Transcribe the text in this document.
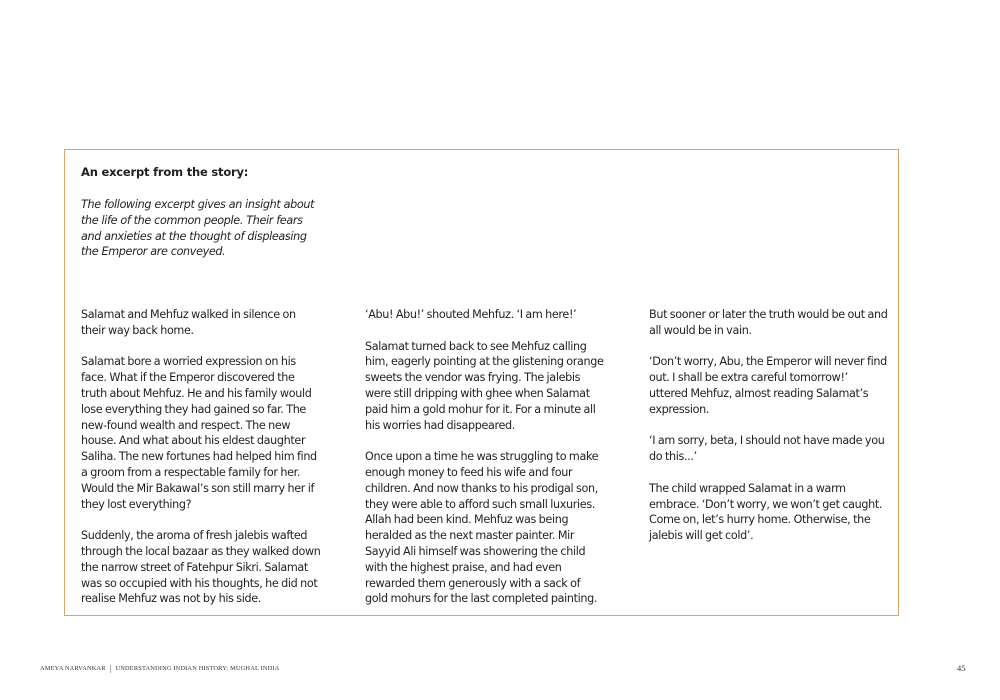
An excerpt from the story:

The following excerpt gives an insight about the life of the common people. Their fears and anxieties at the thought of displeasing the Emperor are conveyed.

Salamat and Mehfuz walked in silence on their way back home.

Salamat bore a worried expression on his face. What if the Emperor discovered the truth about Mehfuz. He and his family would lose everything they had gained so far. The new-found wealth and respect. The new house. And what about his eldest daughter Saliha. The new fortunes had helped him find a groom from a respectable family for her. Would the Mir Bakawal’s son still marry her if they lost everything?

Suddenly, the aroma of fresh jalebis wafted through the local bazaar as they walked down the narrow street of Fatehpur Sikri. Salamat was so occupied with his thoughts, he did not realise Mehfuz was not by his side.

‘Abu! Abu!’ shouted Mehfuz. ‘I am here!’

Salamat turned back to see Mehfuz calling him, eagerly pointing at the glistening orange sweets the vendor was frying. The jalebis were still dripping with ghee when Salamat paid him a gold mohur for it. For a minute all his worries had disappeared.

Once upon a time he was struggling to make enough money to feed his wife and four children. And now thanks to his prodigal son, they were able to afford such small luxuries. Allah had been kind. Mehfuz was being heralded as the next master painter. Mir Sayyid Ali himself was showering the child with the highest praise, and had even rewarded them generously with a sack of gold mohurs for the last completed painting.

But sooner or later the truth would be out and all would be in vain.

‘Don’t worry, Abu, the Emperor will never find out. I shall be extra careful tomorrow!’ uttered Mehfuz, almost reading Salamat’s expression.

‘I am sorry, beta, I should not have made you do this...’

The child wrapped Salamat in a warm embrace. ‘Don’t worry, we won’t get caught. Come on, let’s hurry home. Otherwise, the jalebis will get cold’.

AMEYA NARVANKAR | UNDERSTANDING INDIAN HISTORY: MUGHAL INDIA	45
